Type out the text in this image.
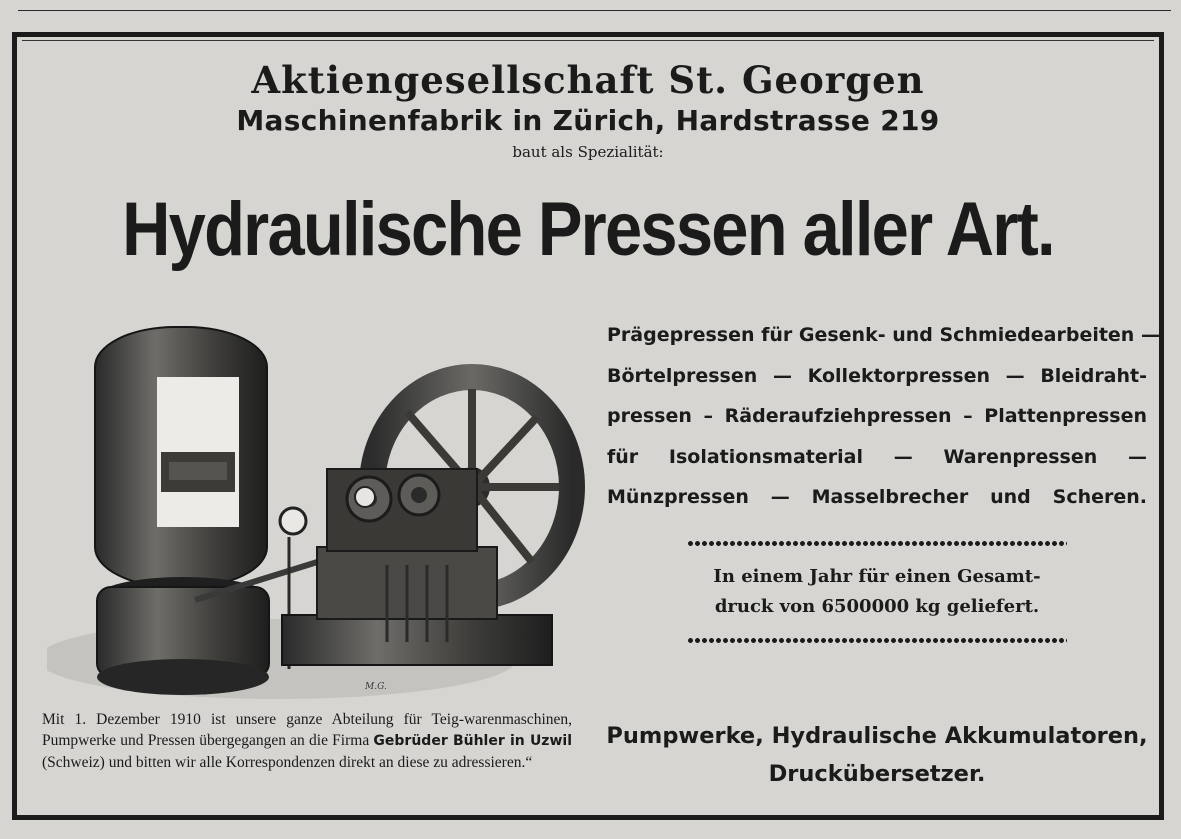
Aktiengesellschaft St. Georgen
Maschinenfabrik in Zürich, Hardstrasse 219
baut als Spezialität:
Hydraulische Pressen aller Art.
M.G.
Prägepressen für Gesenk- und Schmiedearbeiten —
Börtelpressen — Kollektorpressen — Bleidraht-
pressen – Räderaufziehpressen – Plattenpressen
für Isolationsmaterial — Warenpressen —
Münzpressen — Masselbrecher und Scheren.
In einem Jahr für einen Gesamt-
druck von 6500000 kg geliefert.
Mit 1. Dezember 1910 ist unsere ganze Abteilung für Teig-warenmaschinen, Pumpwerke und Pressen übergegangen an die Firma Gebrüder Bühler in Uzwil (Schweiz) und bitten wir alle Korrespondenzen direkt an diese zu adressieren.“
Pumpwerke, Hydraulische Akkumulatoren,
Druckübersetzer.
